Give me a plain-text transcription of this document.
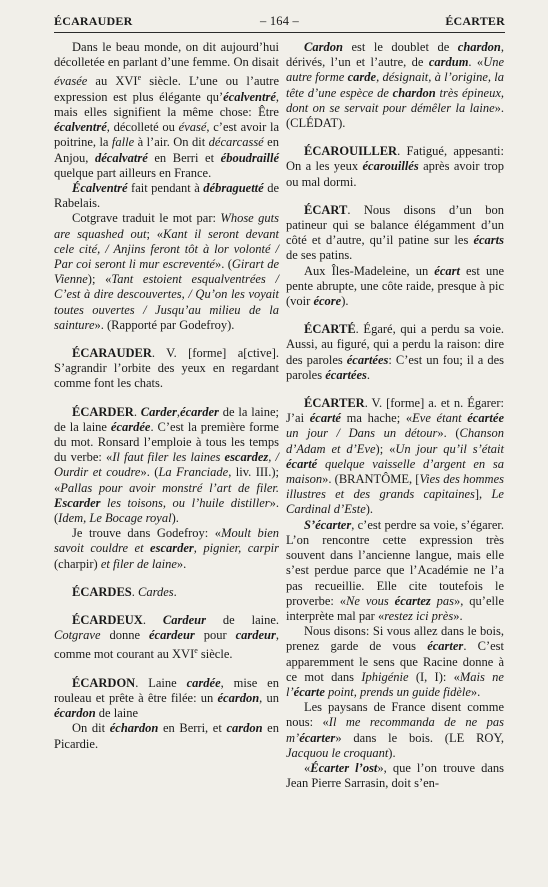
ÉCARAUDER	– 164 –	ÉCARTER

Dans le beau monde, on dit aujourd’hui décolletée en parlant d’une femme. On disait évasée au XVIe siècle. L’une ou l’autre expression est plus élégante qu’écalventré, mais elles signifient la même chose: Être écalventré, décolleté ou évasé, c’est avoir la poitrine, la falle à l’air. On dit décarcassé en Anjou, décalvatré en Berri et éboudraillé quelque part ailleurs en France.

Écalventré fait pendant à débraguetté de Rabelais.

Cotgrave traduit le mot par: Whose guts are squashed out; «Kant il seront devant cele cité, / Anjins feront tôt à lor volonté / Par coi seront li mur escreventé». (Girart de Vienne); «Tant estoient esqualventrées / C’est à dire descouvertes, / Qu’on les voyait toutes ouvertes / Jusqu’au milieu de la sainture». (Rapporté par Godefroy).

ÉCARAUDER. V. [forme] a[ctive]. S’agrandir l’orbite des yeux en regardant comme font les chats.

ÉCARDER. Carder,écarder de la laine; de la laine écardée. C’est la première forme du mot. Ronsard l’emploie à tous les temps du verbe: «Il faut filer les laines escardez, / Ourdir et coudre». (La Franciade, liv. III.); «Pallas pour avoir monstré l’art de filer. Escarder les toisons, ou l’huile distiller». (Idem, Le Bocage royal).

Je trouve dans Godefroy: «Moult bien savoit couldre et escarder, pignier, carpir (charpir) et filer de laine».

ÉCARDES. Cardes.

ÉCARDEUX. Cardeur de laine. Cotgrave donne écardeur pour cardeur, comme mot courant au XVIe siècle.

ÉCARDON. Laine cardée, mise en rouleau et prête à être filée: un écardon, un écardon de laine

On dit échardon en Berri, et cardon en Picardie.

Cardon est le doublet de chardon, dérivés, l’un et l’autre, de cardum. «Une autre forme carde, désignait, à l’origine, la tête d’une espèce de chardon très épineux, dont on se servait pour démêler la laine». (CLÉDAT).

ÉCAROUILLER. Fatigué, appesanti: On a les yeux écarouillés après avoir trop ou mal dormi.

ÉCART. Nous disons d’un bon patineur qui se balance élégamment d’un côté et d’autre, qu’il patine sur les écarts de ses patins.

Aux Îles-Madeleine, un écart est une pente abrupte, une côte raide, presque à pic (voir écore).

ÉCARTÉ. Égaré, qui a perdu sa voie. Aussi, au figuré, qui a perdu la raison: dire des paroles écartées: C’est un fou; il a des paroles écartées.

ÉCARTER. V. [forme] a. et n. Égarer: J’ai écarté ma hache; «Eve étant écartée un jour / Dans un détour». (Chanson d’Adam et d’Eve); «Un jour qu’il s’était écarté quelque vaisselle d’argent en sa maison». (BRANTÔME, [Vies des hommes illustres et des grands capitaines], Le Cardinal d’Este).

S’écarter, c’est perdre sa voie, s’égarer. L’on rencontre cette expression très souvent dans l’ancienne langue, mais elle s’est perdue parce que l’Académie ne l’a pas recueillie. Elle cite toutefois le proverbe: «Ne vous écartez pas», qu’elle interprète mal par «restez ici près».

Nous disons: Si vous allez dans le bois, prenez garde de vous écarter. C’est apparemment le sens que Racine donne à ce mot dans Iphigénie (I, I): «Mais ne l’écarte point, prends un guide fidèle».

Les paysans de France disent comme nous: «Il me recommanda de ne pas m’écarter» dans le bois. (LE ROY, Jacquou le croquant).

«Écarter l’ost», que l’on trouve dans Jean Pierre Sarrasin, doit s’en-
